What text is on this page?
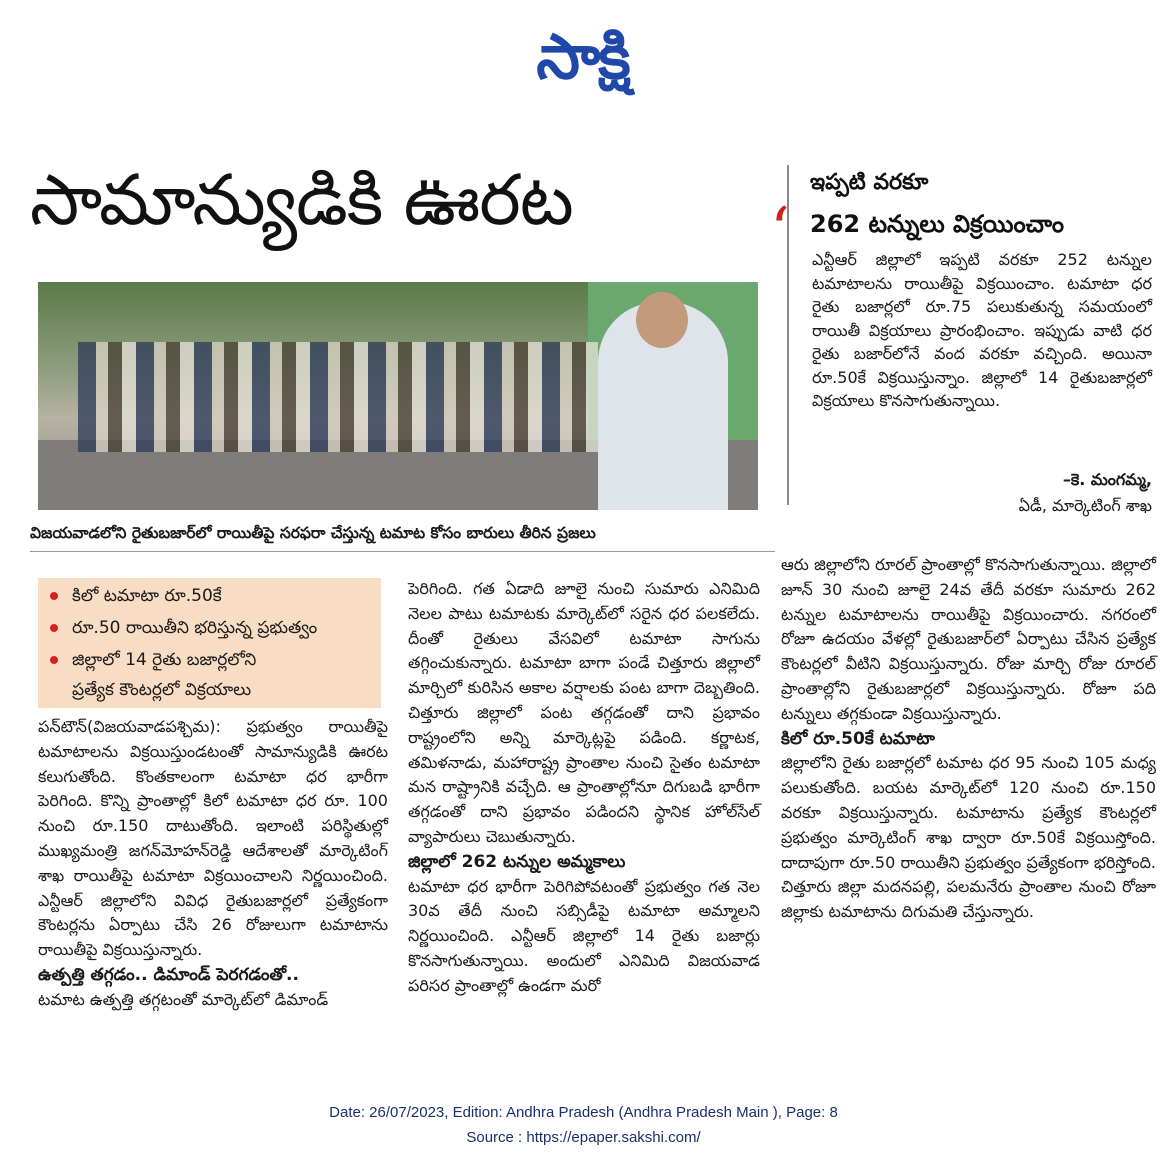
సాక్షి
సామాన్యుడికి ఊరట	ఇప్పటి వరకూ
‘ 262 టన్నులు విక్రయించాం
ఎన్టీఆర్ జిల్లాలో ఇప్పటి వరకూ 252 టన్నుల టమాటాలను రాయితీపై విక్రయించాం. టమాటా ధర రైతు బజార్లలో రూ.75 పలుకుతున్న సమయంలో రాయితీ విక్రయాలు ప్రారంభించాం. ఇప్పుడు వాటి ధర రైతు బజార్‌లోనే వంద వరకూ వచ్చింది. అయినా రూ.50కే విక్రయిస్తున్నాం. జిల్లాలో 14 రైతుబజార్లలో విక్రయాలు కొనసాగుతున్నాయి.
–కె. మంగమ్మ,
ఏడీ, మార్కెటింగ్ శాఖ
విజయవాడలోని రైతుబజార్‌లో రాయితీపై సరఫరా చేస్తున్న టమాట కోసం బారులు తీరిన ప్రజలు
కిలో టమాటా రూ.50కే
రూ.50 రాయితీని భరిస్తున్న ప్రభుత్వం
జిల్లాలో 14 రైతు బజార్లలోని
ప్రత్యేక కౌంటర్లలో విక్రయాలు

పన్‌టౌన్(విజయవాడపశ్చిమ): ప్రభుత్వం రాయితీపై టమాటాలను విక్రయిస్తుండటంతో సామాన్యుడికి ఊరట కలుగుతోంది. కొంతకాలంగా టమాటా ధర భారీగా పెరిగింది. కొన్ని ప్రాంతాల్లో కిలో టమాటా ధర రూ. 100 నుంచి రూ.150 దాటుతోంది. ఇలాంటి పరిస్థితుల్లో ముఖ్యమంత్రి జగన్‌మోహన్‌రెడ్డి ఆదేశాలతో మార్కెటింగ్ శాఖ రాయితీపై టమాటా విక్రయించాలని నిర్ణయించింది. ఎన్టీఆర్ జిల్లాలోని వివిధ రైతుబజార్లలో ప్రత్యేకంగా కౌంటర్లను ఏర్పాటు చేసి 26 రోజులుగా టమాటాను రాయితీపై విక్రయిస్తున్నారు.

ఉత్పత్తి తగ్గడం.. డిమాండ్ పెరగడంతో..

టమాట ఉత్పత్తి తగ్గటంతో మార్కెట్‌లో డిమాండ్

పెరిగింది. గత ఏడాది జూలై నుంచి సుమారు ఎనిమిది నెలల పాటు టమాటకు మార్కెట్‌లో సరైన ధర పలకలేదు. దీంతో రైతులు వేసవిలో టమాటా సాగును తగ్గించుకున్నారు. టమాటా బాగా పండే చిత్తూరు జిల్లాలో మార్చిలో కురిసిన అకాల వర్షాలకు పంట బాగా దెబ్బతింది. చిత్తూరు జిల్లాలో పంట తగ్గడంతో దాని ప్రభావం రాష్ట్రంలోని అన్ని మార్కెట్లపై పడింది. కర్ణాటక, తమిళనాడు, మహారాష్ట్ర ప్రాంతాల నుంచి సైతం టమాటా మన రాష్ట్రానికి వచ్చేది. ఆ ప్రాంతాల్లోనూ దిగుబడి భారీగా తగ్గడంతో దాని ప్రభావం పడిందని స్థానిక హోల్‌సేల్ వ్యాపారులు చెబుతున్నారు.

జిల్లాలో 262 టన్నుల అమ్మకాలు

టమాటా ధర భారీగా పెరిగిపోవటంతో ప్రభుత్వం గత నెల 30వ తేదీ నుంచి సబ్సిడీపై టమాటా అమ్మాలని నిర్ణయించింది. ఎన్టీఆర్ జిల్లాలో 14 రైతు బజార్లు కొనసాగుతున్నాయి. అందులో ఎనిమిది విజయవాడ పరిసర ప్రాంతాల్లో ఉండగా మరో

ఆరు జిల్లాలోని రూరల్ ప్రాంతాల్లో కొనసాగుతున్నాయి. జిల్లాలో జూన్ 30 నుంచి జూలై 24వ తేదీ వరకూ సుమారు 262 టన్నుల టమాటాలను రాయితీపై విక్రయించారు. నగరంలో రోజూ ఉదయం వేళల్లో రైతుబజార్‌లో ఏర్పాటు చేసిన ప్రత్యేక కౌంటర్లలో వీటిని విక్రయిస్తున్నారు. రోజు మార్చి రోజు రూరల్ ప్రాంతాల్లోని రైతుబజార్లలో విక్రయిస్తున్నారు. రోజూ పది టన్నులు తగ్గకుండా విక్రయిస్తున్నారు.

కిలో రూ.50కే టమాటా

జిల్లాలోని రైతు బజార్లలో టమాట ధర 95 నుంచి 105 మధ్య పలుకుతోంది. బయట మార్కెట్‌లో 120 నుంచి రూ.150 వరకూ విక్రయిస్తున్నారు. టమాటాను ప్రత్యేక కౌంటర్లలో ప్రభుత్వం మార్కెటింగ్ శాఖ ద్వారా రూ.50కే విక్రయిస్తోంది. దాదాపుగా రూ.50 రాయితీని ప్రభుత్వం ప్రత్యేకంగా భరిస్తోంది. చిత్తూరు జిల్లా మదనపల్లి, పలమనేరు ప్రాంతాల నుంచి రోజూ జిల్లాకు టమాటాను దిగుమతి చేస్తున్నారు.

Date: 26/07/2023, Edition: Andhra Pradesh (Andhra Pradesh Main ), Page: 8
Source : https://epaper.sakshi.com/
